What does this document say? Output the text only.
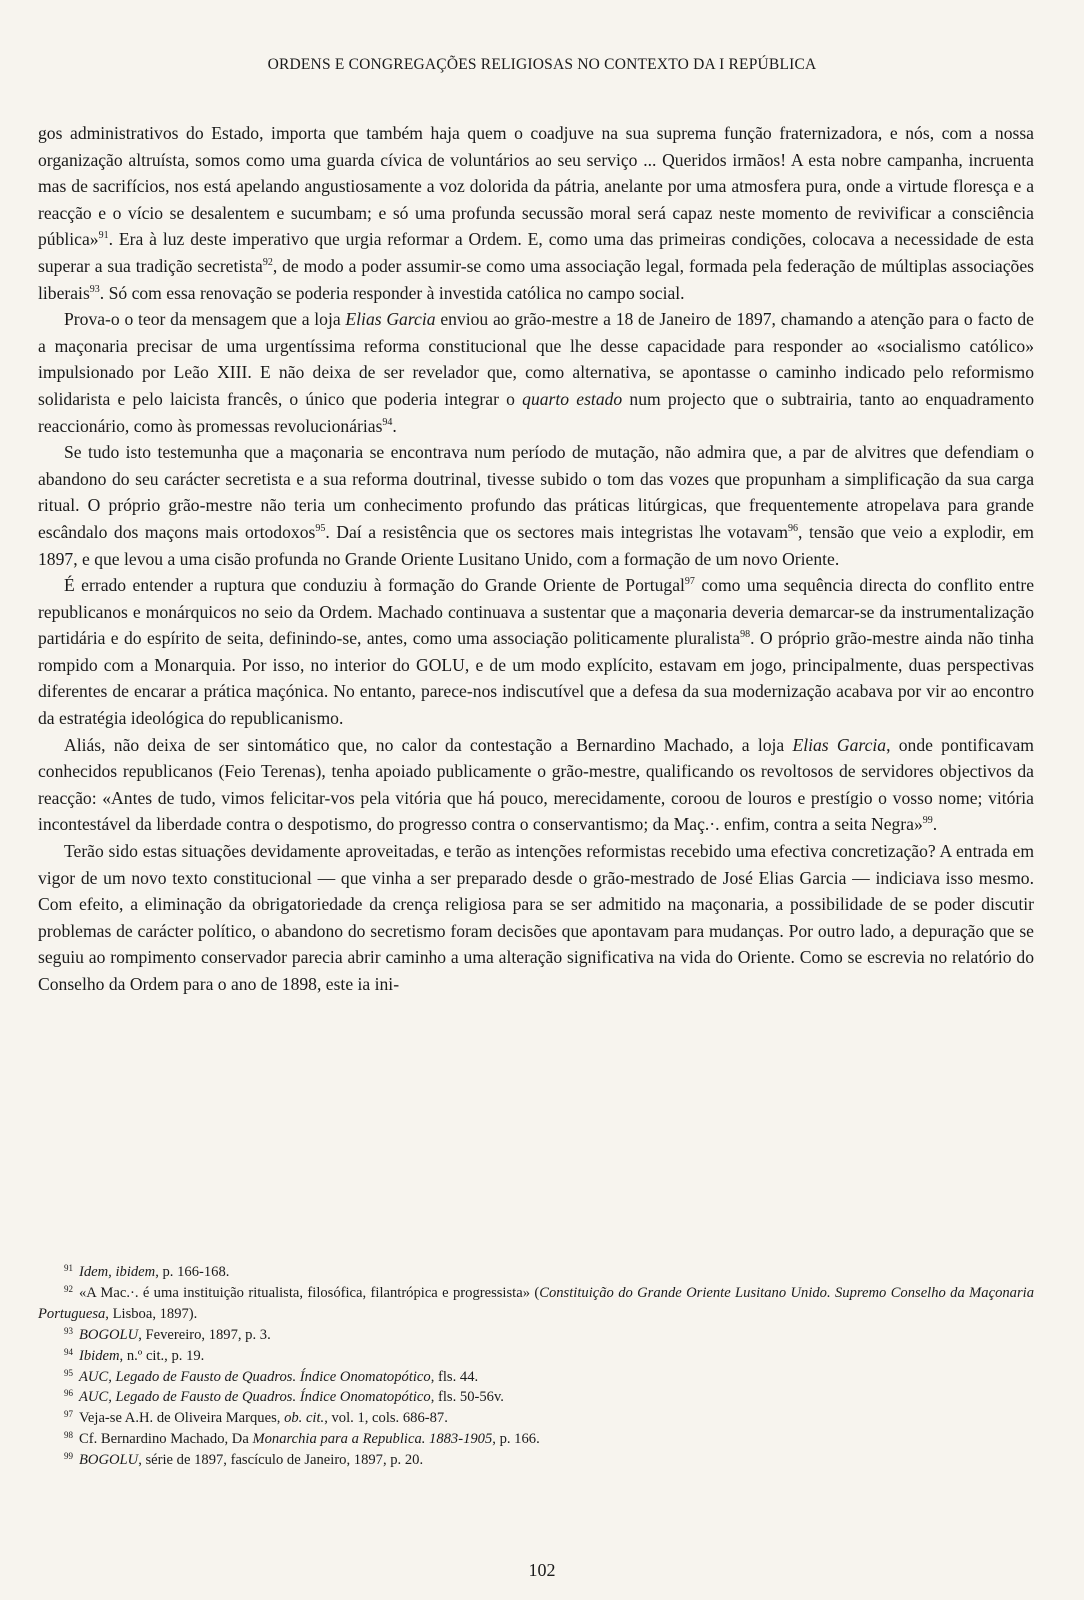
ORDENS E CONGREGAÇÕES RELIGIOSAS NO CONTEXTO DA I REPÚBLICA

gos administrativos do Estado, importa que também haja quem o coadjuve na sua suprema função fraternizadora, e nós, com a nossa organização altruísta, somos como uma guarda cívica de voluntários ao seu serviço ... Queridos irmãos! A esta nobre campanha, incruenta mas de sacrifícios, nos está apelando angustiosamente a voz dolorida da pátria, anelante por uma atmosfera pura, onde a virtude floresça e a reacção e o vício se desalentem e sucumbam; e só uma profunda secussão moral será capaz neste momento de revivificar a consciência pública»$^{91}$. Era à luz deste imperativo que urgia reformar a Ordem. E, como uma das primeiras condições, colocava a necessidade de esta superar a sua tradição secretista$^{92}$, de modo a poder assumir-se como uma associação legal, formada pela federação de múltiplas associações liberais$^{93}$. Só com essa renovação se poderia responder à investida católica no campo social.

Prova-o o teor da mensagem que a loja Elias Garcia enviou ao grão-mestre a 18 de Janeiro de 1897, chamando a atenção para o facto de a maçonaria precisar de uma urgentíssima reforma constitucional que lhe desse capacidade para responder ao «socialismo católico» impulsionado por Leão XIII. E não deixa de ser revelador que, como alternativa, se apontasse o caminho indicado pelo reformismo solidarista e pelo laicista francês, o único que poderia integrar o quarto estado num projecto que o subtrairia, tanto ao enquadramento reaccionário, como às promessas revolucionárias$^{94}$.

Se tudo isto testemunha que a maçonaria se encontrava num período de mutação, não admira que, a par de alvitres que defendiam o abandono do seu carácter secretista e a sua reforma doutrinal, tivesse subido o tom das vozes que propunham a simplificação da sua carga ritual. O próprio grão-mestre não teria um conhecimento profundo das práticas litúrgicas, que frequentemente atropelava para grande escândalo dos maçons mais ortodoxos$^{95}$. Daí a resistência que os sectores mais integristas lhe votavam$^{96}$, tensão que veio a explodir, em 1897, e que levou a uma cisão profunda no Grande Oriente Lusitano Unido, com a formação de um novo Oriente.

É errado entender a ruptura que conduziu à formação do Grande Oriente de Portugal$^{97}$ como uma sequência directa do conflito entre republicanos e monárquicos no seio da Ordem. Machado continuava a sustentar que a maçonaria deveria demarcar-se da instrumentalização partidária e do espírito de seita, definindo-se, antes, como uma associação politicamente pluralista$^{98}$. O próprio grão-mestre ainda não tinha rompido com a Monarquia. Por isso, no interior do GOLU, e de um modo explícito, estavam em jogo, principalmente, duas perspectivas diferentes de encarar a prática maçónica. No entanto, parece-nos indiscutível que a defesa da sua modernização acabava por vir ao encontro da estratégia ideológica do republicanismo.

Aliás, não deixa de ser sintomático que, no calor da contestação a Bernardino Machado, a loja Elias Garcia, onde pontificavam conhecidos republicanos (Feio Terenas), tenha apoiado publicamente o grão-mestre, qualificando os revoltosos de servidores objectivos da reacção: «Antes de tudo, vimos felicitar-vos pela vitória que há pouco, merecidamente, coroou de louros e prestígio o vosso nome; vitória incontestável da liberdade contra o despotismo, do progresso contra o conservantismo; da Maç.·. enfim, contra a seita Negra»$^{99}$.

Terão sido estas situações devidamente aproveitadas, e terão as intenções reformistas recebido uma efectiva concretização? A entrada em vigor de um novo texto constitucional — que vinha a ser preparado desde o grão-mestrado de José Elias Garcia — indiciava isso mesmo. Com efeito, a eliminação da obrigatoriedade da crença religiosa para se ser admitido na maçonaria, a possibilidade de se poder discutir problemas de carácter político, o abandono do secretismo foram decisões que apontavam para mudanças. Por outro lado, a depuração que se seguiu ao rompimento conservador parecia abrir caminho a uma alteração significativa na vida do Oriente. Como se escrevia no relatório do Conselho da Ordem para o ano de 1898, este ia ini-

$^{91}$ Idem, ibidem, p. 166-168.

$^{92}$ «A Mac.·. é uma instituição ritualista, filosófica, filantrópica e progressista» (Constituição do Grande Oriente Lusitano Unido. Supremo Conselho da Maçonaria Portuguesa, Lisboa, 1897).

$^{93}$ BOGOLU, Fevereiro, 1897, p. 3.

$^{94}$ Ibidem, n.º cit., p. 19.

$^{95}$ AUC, Legado de Fausto de Quadros. Índice Onomatopótico, fls. 44.

$^{96}$ AUC, Legado de Fausto de Quadros. Índice Onomatopótico, fls. 50-56v.

$^{97}$ Veja-se A.H. de Oliveira Marques, ob. cit., vol. 1, cols. 686-87.

$^{98}$ Cf. Bernardino Machado, Da Monarchia para a Republica. 1883-1905, p. 166.

$^{99}$ BOGOLU, série de 1897, fascículo de Janeiro, 1897, p. 20.

102
